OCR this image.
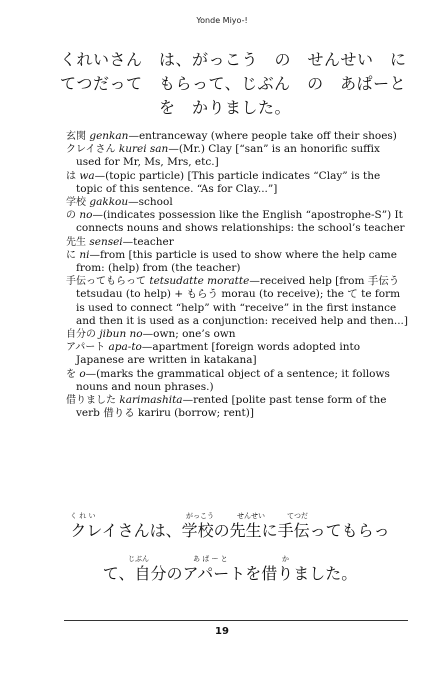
Yonde Miyo-!
くれいさん　は、がっこう　の　せんせい　に
てつだって　もらって、じぶん　の　あぱーと
を　かりました。

玄関 genkan—entranceway (where people take off their shoes)

クレイさん kurei san—(Mr.) Clay [“san” is an honorific suffix used for Mr, Ms, Mrs, etc.]

は wa—(topic particle) [This particle indicates “Clay” is the topic of this sentence. “As for Clay...”]

学校 gakkou—school

の no—(indicates possession like the English “apostrophe-S”) It connects nouns and shows relationships: the school’s teacher

先生 sensei—teacher

に ni—from [this particle is used to show where the help came from: (help) from (the teacher)

手伝ってもらって tetsudatte moratte—received help [from 手伝う tetsudau (to help) + もらう morau (to receive); the て te form is used to connect “help” with “receive” in the first instance and then it is used as a conjunction: received help and then...]

自分の jibun no—own; one’s own

アパート apa-to—apartment [foreign words adopted into Japanese are written in katakana]

を o—(marks the grammatical object of a sentence; it follows nouns and noun phrases.)

借りました karimashita—rented [polite past tense form of the verb 借りる kariru (borrow; rent)]

く れ い	がっこう	せんせい	てつだ
クレイさんは、学校の先生に手伝ってもらっ
じぶん	あ ぱ ー と	か
て、自分のアパートを借りました。
19
